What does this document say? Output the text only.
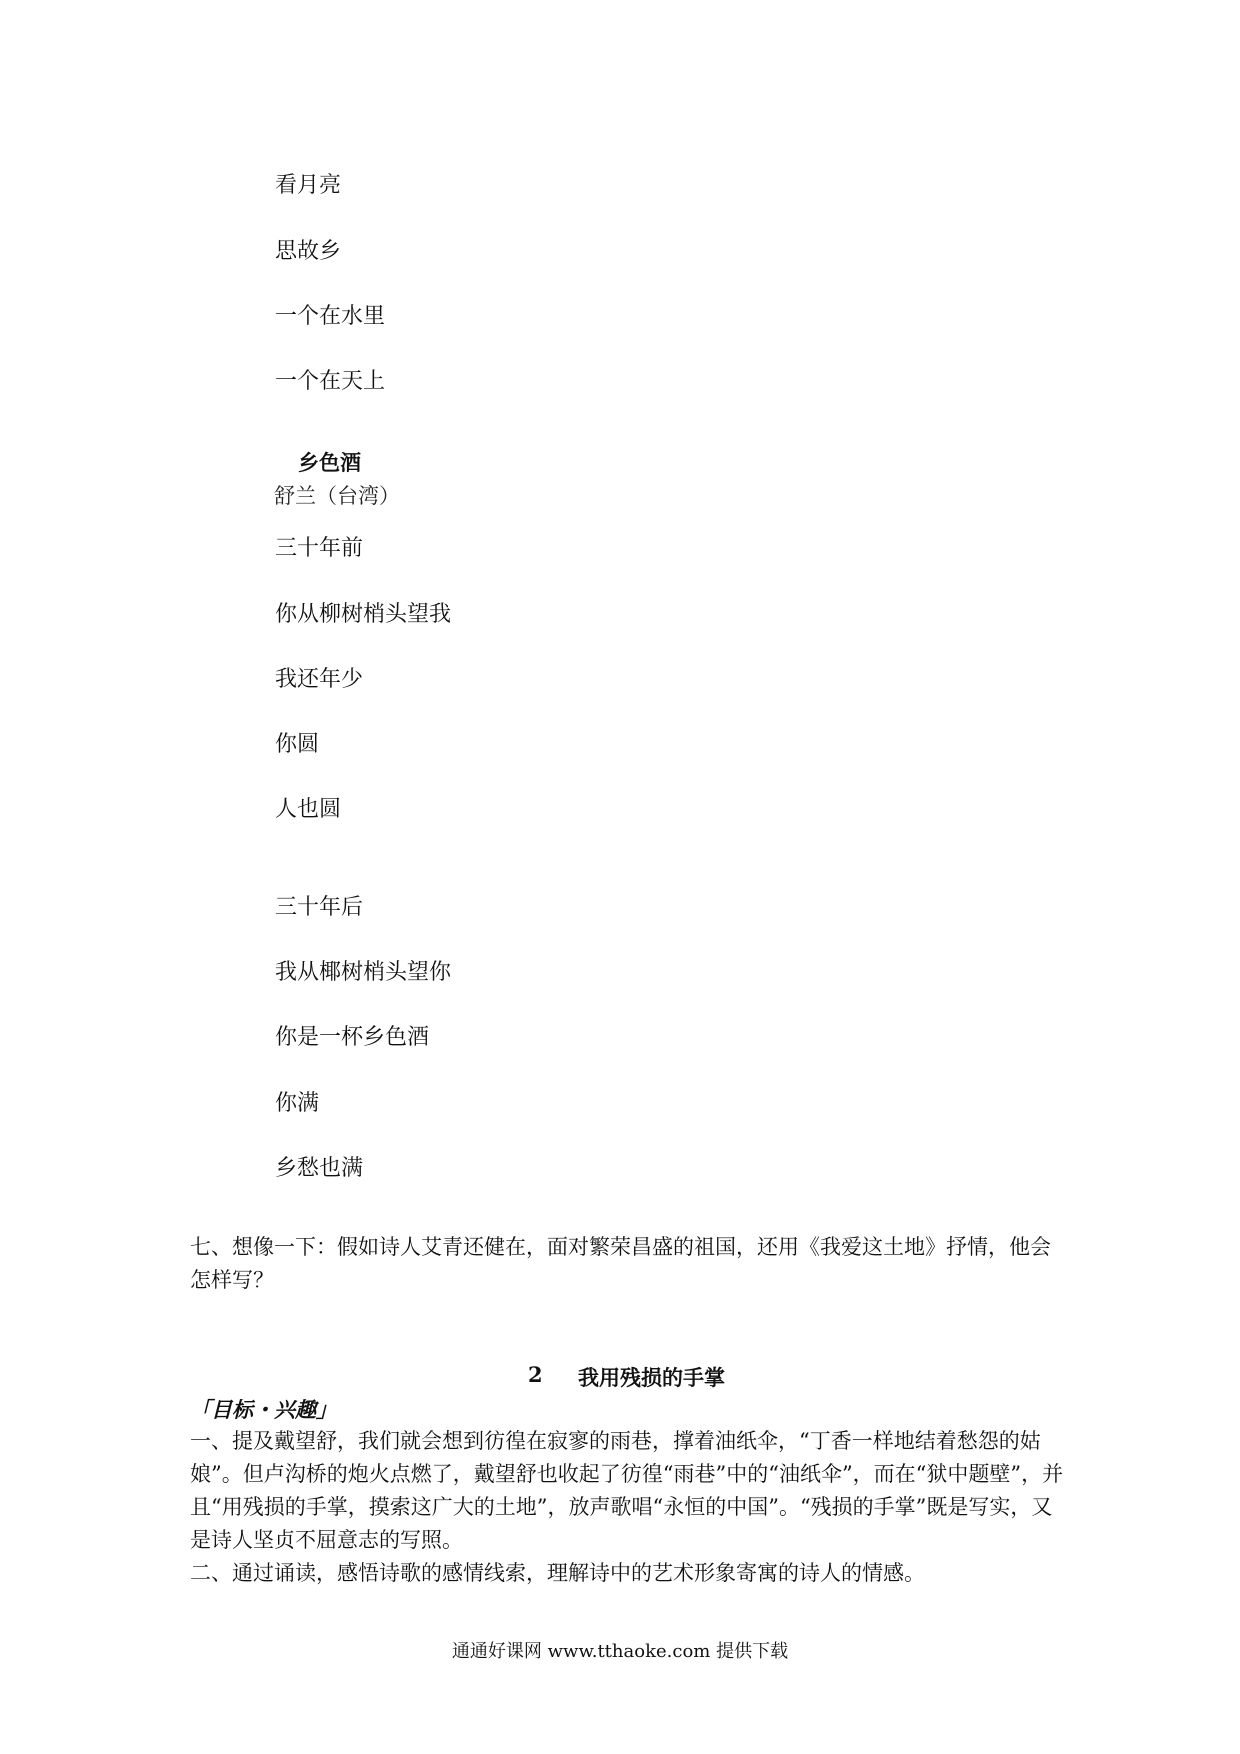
看月亮
思故乡
一个在水里
一个在天上
乡色酒
舒兰（台湾）
三十年前
你从柳树梢头望我
我还年少
你圆
人也圆
三十年后
我从椰树梢头望你
你是一杯乡色酒
你满
乡愁也满
七、想像一下：假如诗人艾青还健在，面对繁荣昌盛的祖国，还用《我爱这土地》抒情，他会怎样写？
2 我用残损的手掌
「目标・兴趣」
一、提及戴望舒，我们就会想到彷徨在寂寥的雨巷，撑着油纸伞，“丁香一样地结着愁怨的姑娘”。但卢沟桥的炮火点燃了，戴望舒也收起了彷徨“雨巷”中的“油纸伞”，而在“狱中题壁”，并且“用残损的手掌，摸索这广大的土地”，放声歌唱“永恒的中国”。“残损的手掌”既是写实，又是诗人坚贞不屈意志的写照。
二、通过诵读，感悟诗歌的感情线索，理解诗中的艺术形象寄寓的诗人的情感。
通通好课网 www.tthaoke.com 提供下载
